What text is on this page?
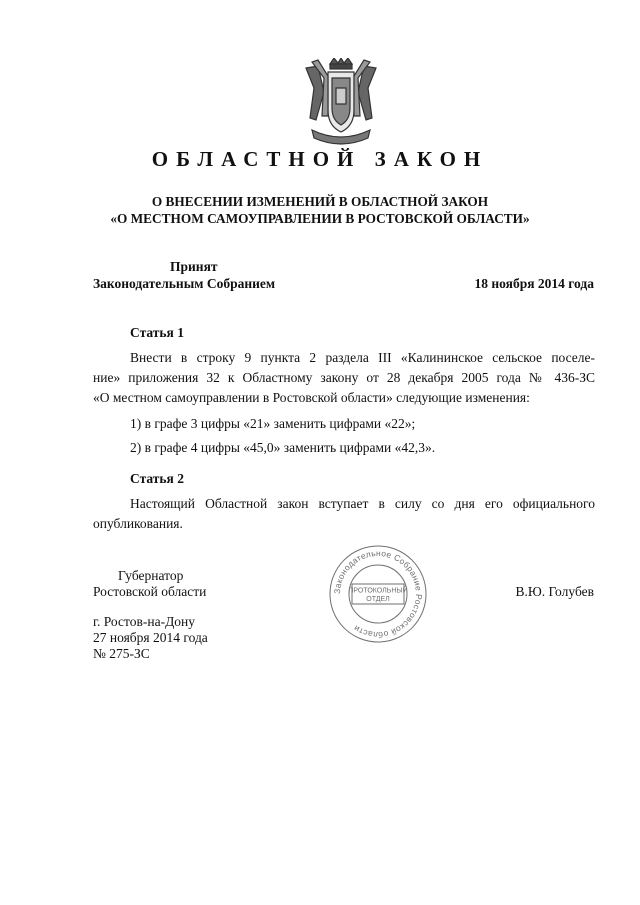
ОБЛАСТНОЙ ЗАКОН
О ВНЕСЕНИИ ИЗМЕНЕНИЙ В ОБЛАСТНОЙ ЗАКОН
«О МЕСТНОМ САМОУПРАВЛЕНИИ В РОСТОВСКОЙ ОБЛАСТИ»
Принят
Законодательным Собранием	18 ноября 2014 года
Статья 1
Внести в строку 9 пункта 2 раздела III «Калининское сельское поселе-
ние» приложения 32 к Областному закону от 28 декабря 2005 года № 436-ЗС
«О местном самоуправлении в Ростовской области» следующие изменения:
1) в графе 3 цифры «21» заменить цифрами «22»;
2) в графе 4 цифры «45,0» заменить цифрами «42,3».
Статья 2
Настоящий Областной закон вступает в силу со дня его официального
опубликования.
Губернатор
Ростовской области	В.Ю. Голубев
г. Ростов-на-Дону
27 ноября 2014 года
№ 275-ЗС
Законодательное Собрание Ростовской области
ПРОТОКОЛЬНЫЙ
ОТДЕЛ
